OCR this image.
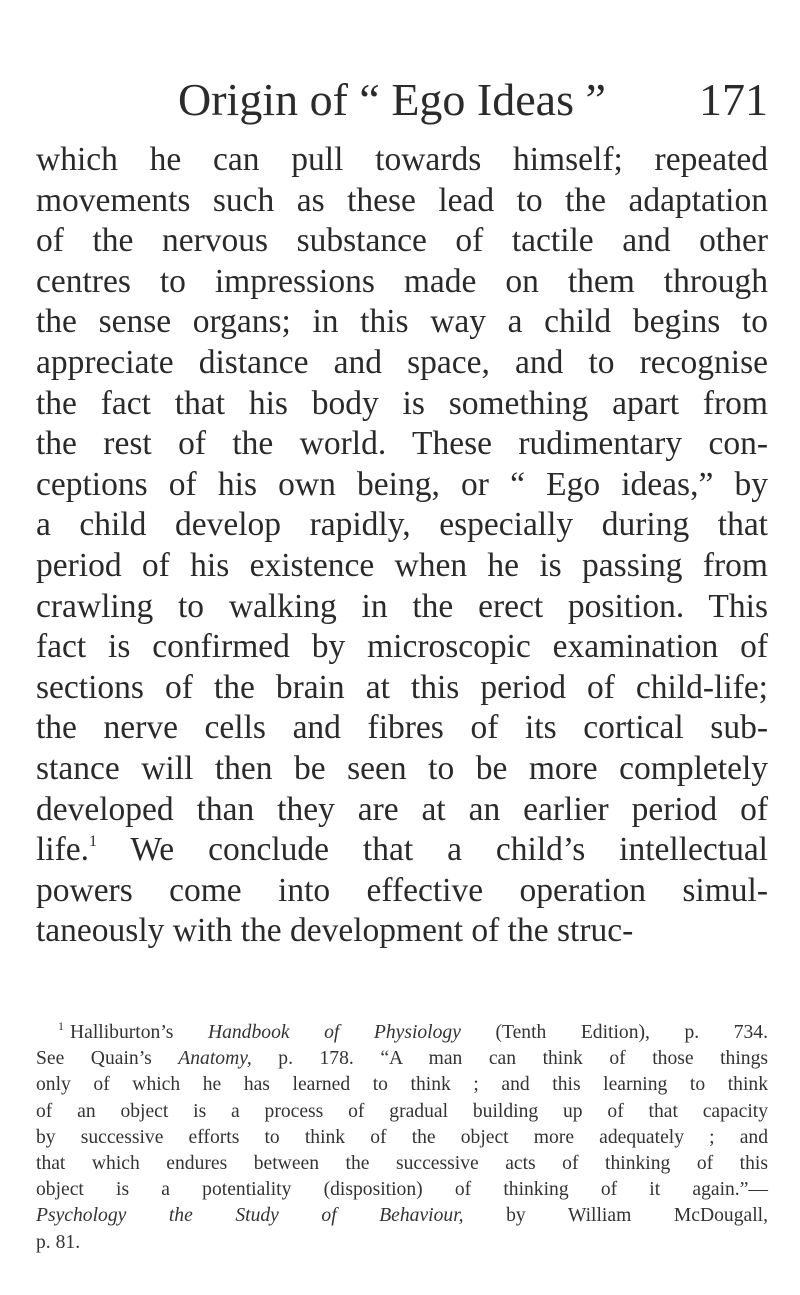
Origin of “ Ego Ideas ” 171
which he can pull towards himself; repeated
movements such as these lead to the adaptation
of the nervous substance of tactile and other
centres to impressions made on them through
the sense organs; in this way a child begins to
appreciate distance and space, and to recognise
the fact that his body is something apart from
the rest of the world. These rudimentary con-
ceptions of his own being, or “ Ego ideas,” by
a child develop rapidly, especially during that
period of his existence when he is passing from
crawling to walking in the erect position. This
fact is confirmed by microscopic examination of
sections of the brain at this period of child-life;
the nerve cells and fibres of its cortical sub-
stance will then be seen to be more completely
developed than they are at an earlier period of
life.$^1$ We conclude that a child’s intellectual
powers come into effective operation simul-
taneously with the development of the struc-
$^1$ Halliburton’s Handbook of Physiology (Tenth Edition), p. 734.
See Quain’s Anatomy, p. 178. “A man can think of those things
only of which he has learned to think ; and this learning to think
of an object is a process of gradual building up of that capacity
by successive efforts to think of the object more adequately ; and
that which endures between the successive acts of thinking of this
object is a potentiality (disposition) of thinking of it again.”—
Psychology the Study of Behaviour, by William McDougall,
p. 81.
